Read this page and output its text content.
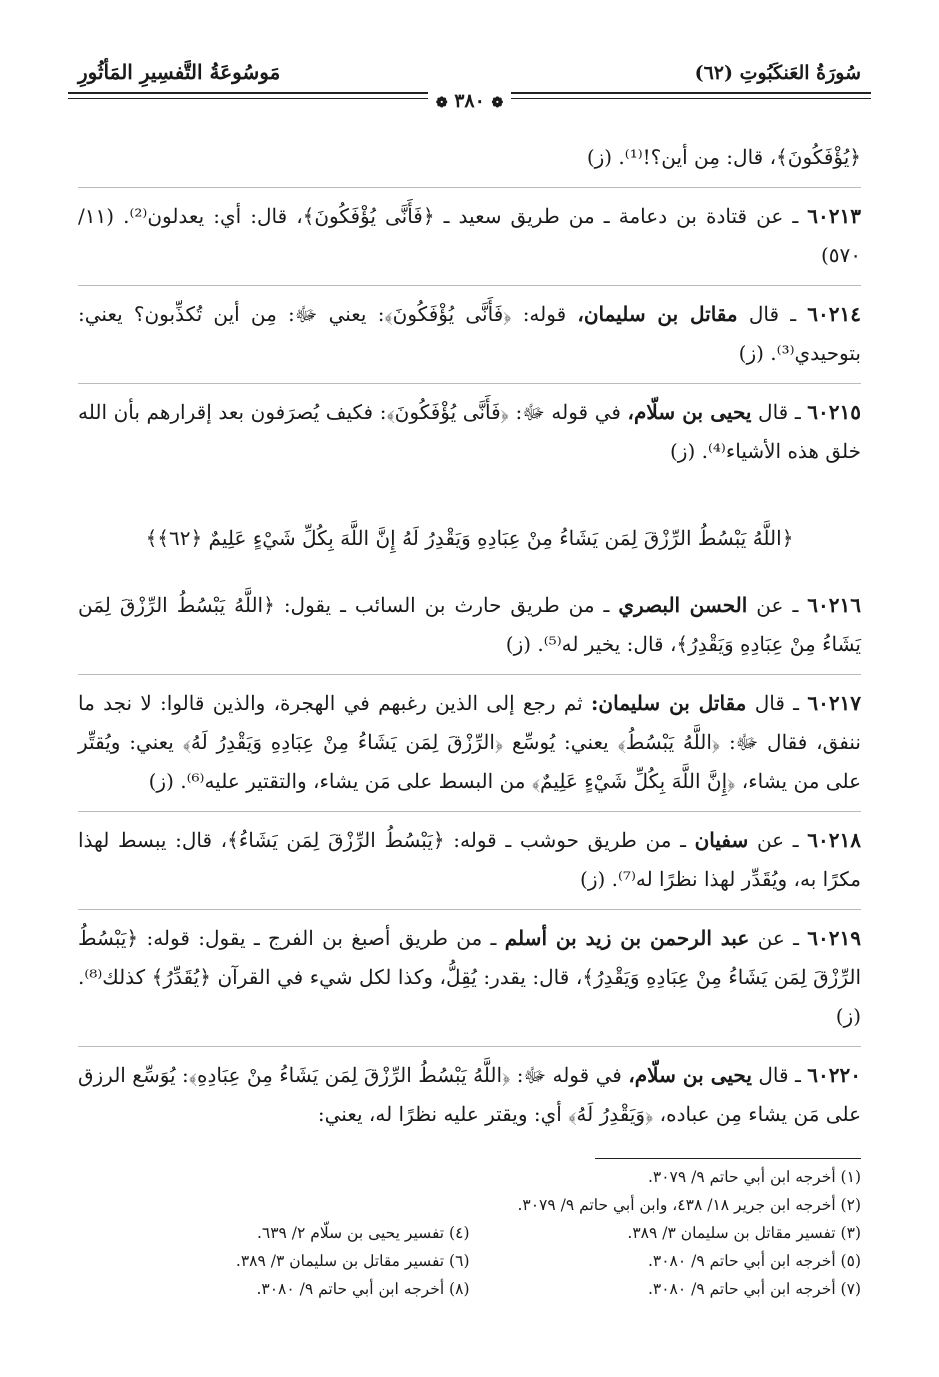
سُورَةُ العَنكَبُوتِ (٦٢)
مَوسُوعَةُ التَّفسِيرِ المَأثُورِ
❁ ٣٨٠ ❁

﴿يُؤْفَكُونَ﴾، قال: مِن أين؟!⁽¹⁾. (ز)

٦٠٢١٣ ـ عن قتادة بن دعامة ـ من طريق سعيد ـ ﴿فَأَنَّى يُؤْفَكُونَ﴾، قال: أي: يعدلون⁽²⁾. (١١/ ٥٧٠)

٦٠٢١٤ ـ قال مقاتل بن سليمان، قوله: ﴿فَأَنَّى يُؤْفَكُونَ﴾: يعني ﷻ: مِن أين تُكذِّبون؟ يعني: بتوحيدي⁽³⁾. (ز)

٦٠٢١٥ ـ قال يحيى بن سلّام، في قوله ﷻ: ﴿فَأَنَّى يُؤْفَكُونَ﴾: فكيف يُصرَفون بعد إقرارهم بأن الله خلق هذه الأشياء⁽⁴⁾. (ز)

﴿اللَّهُ يَبْسُطُ الرِّزْقَ لِمَن يَشَاءُ مِنْ عِبَادِهِ وَيَقْدِرُ لَهُ إِنَّ اللَّهَ بِكُلِّ شَيْءٍ عَلِيمٌ ﴿٦٢﴾﴾

٦٠٢١٦ ـ عن الحسن البصري ـ من طريق حارث بن السائب ـ يقول: ﴿اللَّهُ يَبْسُطُ الرِّزْقَ لِمَن يَشَاءُ مِنْ عِبَادِهِ وَيَقْدِرُ﴾، قال: يخير له⁽⁵⁾. (ز)

٦٠٢١٧ ـ قال مقاتل بن سليمان: ثم رجع إلى الذين رغبهم في الهجرة، والذين قالوا: لا نجد ما ننفق، فقال ﷻ: ﴿اللَّهُ يَبْسُطُ﴾ يعني: يُوسِّع ﴿الرِّزْقَ لِمَن يَشَاءُ مِنْ عِبَادِهِ وَيَقْدِرُ لَهُ﴾ يعني: ويُقتِّر على من يشاء، ﴿إِنَّ اللَّهَ بِكُلِّ شَيْءٍ عَلِيمٌ﴾ من البسط على مَن يشاء، والتقتير عليه⁽⁶⁾. (ز)

٦٠٢١٨ ـ عن سفيان ـ من طريق حوشب ـ قوله: ﴿يَبْسُطُ الرِّزْقَ لِمَن يَشَاءُ﴾، قال: يبسط لهذا مكرًا به، ويُقَدِّر لهذا نظرًا له⁽⁷⁾. (ز)

٦٠٢١٩ ـ عن عبد الرحمن بن زيد بن أسلم ـ من طريق أصبغ بن الفرج ـ يقول: قوله: ﴿يَبْسُطُ الرِّزْقَ لِمَن يَشَاءُ مِنْ عِبَادِهِ وَيَقْدِرُ﴾، قال: يقدر: يُقِلُّ، وكذا لكل شيء في القرآن ﴿يُقَدِّرُ﴾ كذلك⁽⁸⁾. (ز)

٦٠٢٢٠ ـ قال يحيى بن سلّام، في قوله ﷻ: ﴿اللَّهُ يَبْسُطُ الرِّزْقَ لِمَن يَشَاءُ مِنْ عِبَادِهِ﴾: يُوَسِّع الرزق على مَن يشاء مِن عباده، ﴿وَيَقْدِرُ لَهُ﴾ أي: ويقتر عليه نظرًا له، يعني:

(١) أخرجه ابن أبي حاتم ٩/ ٣٠٧٩.
(٢) أخرجه ابن جرير ١٨/ ٤٣٨، وابن أبي حاتم ٩/ ٣٠٧٩.
(٣) تفسير مقاتل بن سليمان ٣/ ٣٨٩.
(٤) تفسير يحيى بن سلّام ٢/ ٦٣٩.
(٥) أخرجه ابن أبي حاتم ٩/ ٣٠٨٠.
(٦) تفسير مقاتل بن سليمان ٣/ ٣٨٩.
(٧) أخرجه ابن أبي حاتم ٩/ ٣٠٨٠.
(٨) أخرجه ابن أبي حاتم ٩/ ٣٠٨٠.
